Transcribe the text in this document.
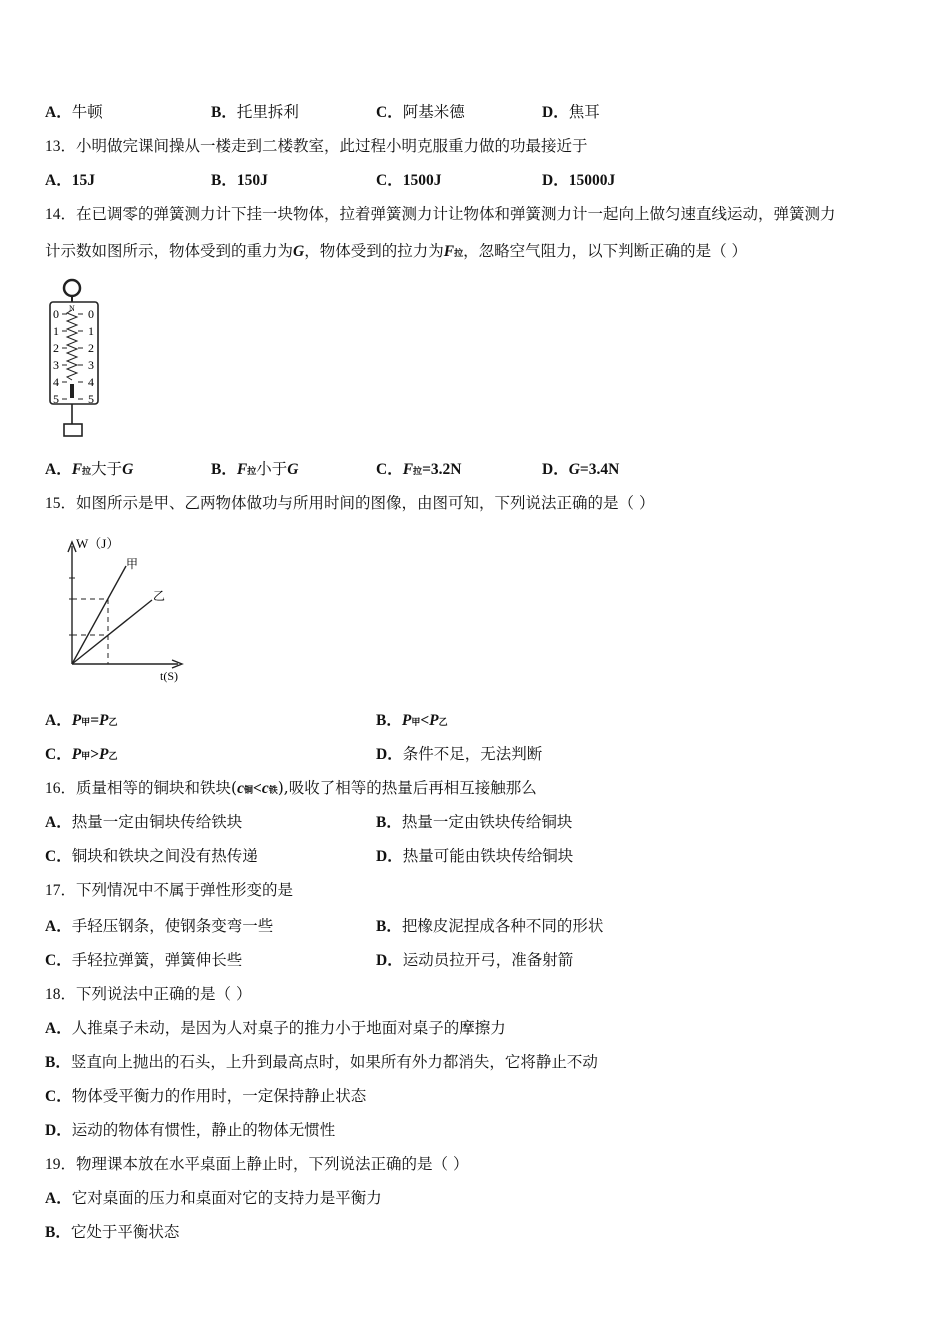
A．牛顿	B．托里拆利	C．阿基米德	D．焦耳
13．小明做完课间操从一楼走到二楼教室，此过程小明克服重力做的功最接近于
A．15J	B．150J	C．1500J	D．15000J
14．在已调零的弹簧测力计下挂一块物体，拉着弹簧测力计让物体和弹簧测力计一起向上做匀速直线运动，弹簧测力
计示数如图所示，物体受到的重力为G，物体受到的拉力为F拉，忽略空气阻力，以下判断正确的是（ ）
N
0 0
1 1
2 2
3 3
4 4
5 5
A．F拉大于G	B．F拉小于G	C．F拉=3.2N	D．G=3.4N
15．如图所示是甲、乙两物体做功与所用时间的图像，由图可知，下列说法正确的是（ ）
W（J）
t(S)
甲
乙
A．P甲=P乙	B．P甲<P乙
C．P甲>P乙	D．条件不足，无法判断
16．质量相等的铜块和铁块(c铜<c铁),吸收了相等的热量后再相互接触那么
A．热量一定由铜块传给铁块	B．热量一定由铁块传给铜块
C．铜块和铁块之间没有热传递	D．热量可能由铁块传给铜块
17．下列情况中不属于弹性形变的是
A．手轻压钢条，使钢条变弯一些	B．把橡皮泥捏成各种不同的形状
C．手轻拉弹簧，弹簧伸长些	D．运动员拉开弓，准备射箭
18．下列说法中正确的是（ ）
A．人推桌子未动，是因为人对桌子的推力小于地面对桌子的摩擦力
B．竖直向上抛出的石头，上升到最高点时，如果所有外力都消失，它将静止不动
C．物体受平衡力的作用时，一定保持静止状态
D．运动的物体有惯性，静止的物体无惯性
19．物理课本放在水平桌面上静止时，下列说法正确的是（ ）
A．它对桌面的压力和桌面对它的支持力是平衡力
B．它处于平衡状态
